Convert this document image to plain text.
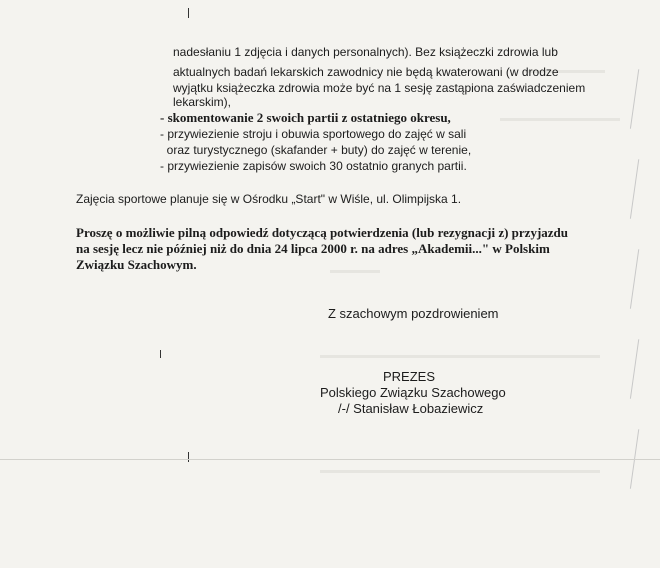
nadesłaniu 1 zdjęcia i danych personalnych). Bez książeczki zdrowia lub
aktualnych badań lekarskich zawodnicy nie będą kwaterowani (w drodze
wyjątku książeczka zdrowia może być na 1 sesję zastąpiona zaświadczeniem
lekarskim),
- skomentowanie 2 swoich partii z ostatniego okresu,
- przywiezienie stroju i obuwia sportowego do zajęć w sali
oraz turystycznego (skafander + buty) do zajęć w terenie,
- przywiezienie zapisów swoich 30 ostatnio granych partii.
Zajęcia sportowe planuje się w Ośrodku „Start" w Wiśle, ul. Olimpijska 1.
Proszę o możliwie pilną odpowiedź dotyczącą potwierdzenia (lub rezygnacji z) przyjazdu
na sesję lecz nie później niż do dnia 24 lipca 2000 r. na adres „Akademii..." w Polskim
Związku Szachowym.
Z szachowym pozdrowieniem
PREZES
Polskiego Związku Szachowego
/-/ Stanisław Łobaziewicz
